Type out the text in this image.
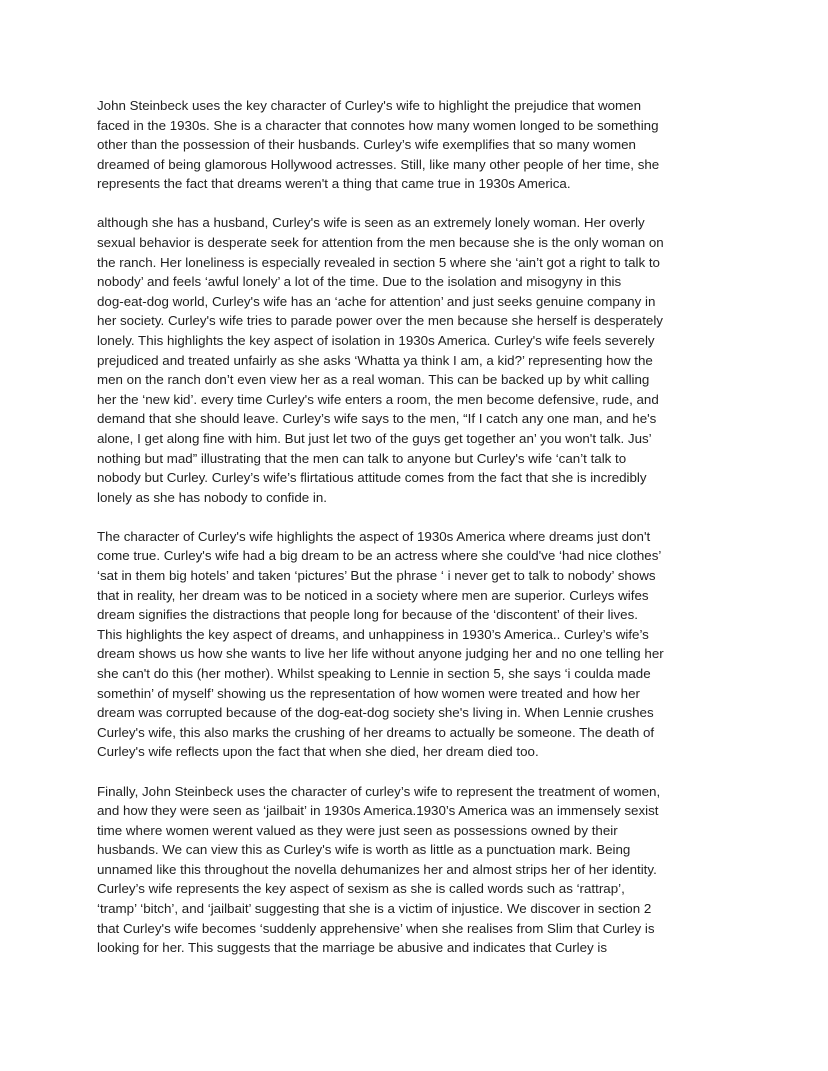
John Steinbeck uses the key character of Curley's wife to highlight the prejudice that women
faced in the 1930s. She is a character that connotes how many women longed to be something
other than the possession of their husbands. Curley’s wife exemplifies that so many women
dreamed of being glamorous Hollywood actresses. Still, like many other people of her time, she
represents the fact that dreams weren't a thing that came true in 1930s America.

although she has a husband, Curley's wife is seen as an extremely lonely woman. Her overly
sexual behavior is desperate seek for attention from the men because she is the only woman on
the ranch. Her loneliness is especially revealed in section 5 where she ‘ain’t got a right to talk to
nobody’ and feels ‘awful lonely’ a lot of the time. Due to the isolation and misogyny in this
dog-eat-dog world, Curley's wife has an ‘ache for attention’ and just seeks genuine company in
her society. Curley's wife tries to parade power over the men because she herself is desperately
lonely. This highlights the key aspect of isolation in 1930s America. Curley's wife feels severely
prejudiced and treated unfairly as she asks ‘Whatta ya think I am, a kid?’ representing how the
men on the ranch don’t even view her as a real woman. This can be backed up by whit calling
her the ‘new kid’. every time Curley's wife enters a room, the men become defensive, rude, and
demand that she should leave. Curley’s wife says to the men, “If I catch any one man, and he's
alone, I get along fine with him. But just let two of the guys get together an’ you won't talk. Jus’
nothing but mad” illustrating that the men can talk to anyone but Curley's wife ‘can’t talk to
nobody but Curley. Curley’s wife’s flirtatious attitude comes from the fact that she is incredibly
lonely as she has nobody to confide in.

The character of Curley's wife highlights the aspect of 1930s America where dreams just don't
come true. Curley's wife had a big dream to be an actress where she could've ‘had nice clothes’
‘sat in them big hotels’ and taken ‘pictures’ But the phrase ‘ i never get to talk to nobody’ shows
that in reality, her dream was to be noticed in a society where men are superior. Curleys wifes
dream signifies the distractions that people long for because of the ‘discontent’ of their lives.
This highlights the key aspect of dreams, and unhappiness in 1930’s America.. Curley’s wife’s
dream shows us how she wants to live her life without anyone judging her and no one telling her
she can't do this (her mother). Whilst speaking to Lennie in section 5, she says ‘i coulda made
somethin’ of myself’ showing us the representation of how women were treated and how her
dream was corrupted because of the dog-eat-dog society she's living in. When Lennie crushes
Curley's wife, this also marks the crushing of her dreams to actually be someone. The death of
Curley's wife reflects upon the fact that when she died, her dream died too.

Finally, John Steinbeck uses the character of curley’s wife to represent the treatment of women,
and how they were seen as ‘jailbait’ in 1930s America.1930’s America was an immensely sexist
time where women werent valued as they were just seen as possessions owned by their
husbands. We can view this as Curley's wife is worth as little as a punctuation mark. Being
unnamed like this throughout the novella dehumanizes her and almost strips her of her identity.
Curley’s wife represents the key aspect of sexism as she is called words such as ‘rattrap’,
‘tramp’ ‘bitch’, and ‘jailbait’ suggesting that she is a victim of injustice. We discover in section 2
that Curley's wife becomes ‘suddenly apprehensive’ when she realises from Slim that Curley is
looking for her. This suggests that the marriage be abusive and indicates that Curley is
